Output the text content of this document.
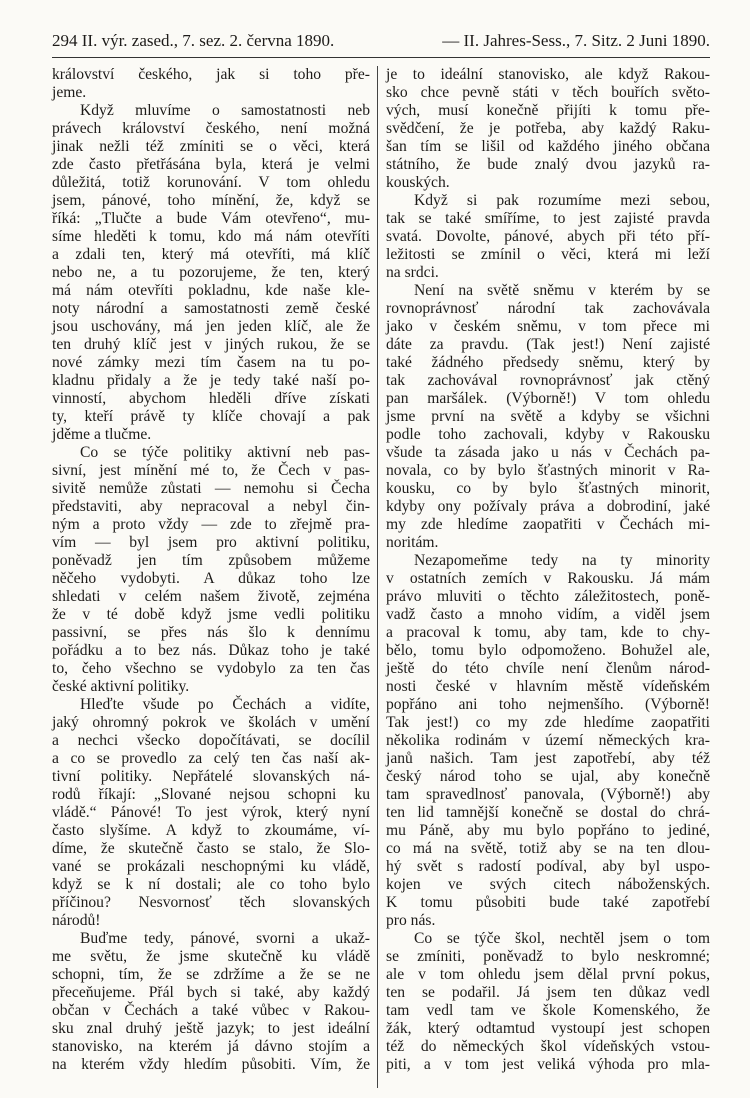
294 II. výr. zased., 7. sez. 2. června 1890.	— II. Jahres-Sess., 7. Sitz. 2 Juni 1890.
království českého, jak si toho pře-
jeme.
Když mluvíme o samostatnosti neb
právech království českého, není možná
jinak nežli též zmíniti se o věci, která
zde často přetřásána byla, která je velmi
důležitá, totiž korunování. V tom ohledu
jsem, pánové, toho mínění, že, když se
říká: „Tlučte a bude Vám otevřeno“, mu-
síme hleděti k tomu, kdo má nám otevříti
a zdali ten, který má otevříti, má klíč
nebo ne, a tu pozorujeme, že ten, který
má nám otevříti pokladnu, kde naše kle-
noty národní a samostatnosti země české
jsou uschovány, má jen jeden klíč, ale že
ten druhý klíč jest v jiných rukou, že se
nové zámky mezi tím časem na tu po-
kladnu přidaly a že je tedy také naší po-
vinností, abychom hleděli dříve získati
ty, kteří právě ty klíče chovají a pak
jděme a tlučme.
Co se týče politiky aktivní neb pas-
sivní, jest mínění mé to, že Čech v pas-
sivitě nemůže zůstati — nemohu si Čecha
představiti, aby nepracoval a nebyl čin-
ným a proto vždy — zde to zřejmě pra-
vím — byl jsem pro aktivní politiku,
poněvadž jen tím způsobem můžeme
něčeho vydobyti. A důkaz toho lze
shledati v celém našem životě, zejména
že v té době když jsme vedli politiku
passivní, se přes nás šlo k dennímu
pořádku a to bez nás. Důkaz toho je také
to, čeho všechno se vydobylo za ten čas
české aktivní politiky.
Hleďte všude po Čechách a vidíte,
jaký ohromný pokrok ve školách v umění
a nechci všecko dopočítávati, se docílil
a co se provedlo za celý ten čas naší ak-
tivní politiky. Nepřátelé slovanských ná-
rodů říkají: „Slované nejsou schopni ku
vládě.“ Pánové! To jest výrok, který nyní
často slyšíme. A když to zkoumáme, ví-
díme, že skutečně často se stalo, že Slo-
vané se prokázali neschopnými ku vládě,
když se k ní dostali; ale co toho bylo
příčinou? Nesvornosť těch slovanských
národů!
Buďme tedy, pánové, svorni a ukaž-
me světu, že jsme skutečně ku vládě
schopni, tím, že se zdržíme a že se ne
přeceňujeme. Přál bych si také, aby každý
občan v Čechách a také vůbec v Rakou-
sku znal druhý ještě jazyk; to jest ideální
stanovisko, na kterém já dávno stojím a
na kterém vždy hledím působiti. Vím, že
je to ideální stanovisko, ale když Rakou-
sko chce pevně státi v těch bouřích světo-
vých, musí konečně přijíti k tomu pře-
svědčení, že je potřeba, aby každý Raku-
šan tím se lišil od každého jiného občana
státního, že bude znalý dvou jazyků ra-
kouských.
Když si pak rozumíme mezi sebou,
tak se také smíříme, to jest zajisté pravda
svatá. Dovolte, pánové, abych při této pří-
ležitosti se zmínil o věci, která mi leží
na srdci.
Není na světě sněmu v kterém by se
rovnoprávnosť národní tak zachovávala
jako v českém sněmu, v tom přece mi
dáte za pravdu. (Tak jest!) Není zajisté
také žádného předsedy sněmu, který by
tak zachovával rovnoprávnosť jak ctěný
pan maršálek. (Výborně!) V tom ohledu
jsme první na světě a kdyby se všichni
podle toho zachovali, kdyby v Rakousku
všude ta zásada jako u nás v Čechách pa-
novala, co by bylo šťastných minorit v Ra-
kousku, co by bylo šťastných minorit,
kdyby ony požívaly práva a dobrodiní, jaké
my zde hledíme zaopatřiti v Čechách mi-
noritám.
Nezapomeňme tedy na ty minority
v ostatních zemích v Rakousku. Já mám
právo mluviti o těchto záležitostech, poně-
vadž často a mnoho vidím, a viděl jsem
a pracoval k tomu, aby tam, kde to chy-
bělo, tomu bylo odpomoženo. Bohužel ale,
ještě do této chvíle není členům národ-
nosti české v hlavním městě vídeňském
popřáno ani toho nejmenšího. (Výborně!
Tak jest!) co my zde hledíme zaopatřiti
několika rodinám v území německých kra-
janů našich. Tam jest zapotřebí, aby též
český národ toho se ujal, aby konečně
tam spravedlnosť panovala, (Výborně!) aby
ten lid tamnější konečně se dostal do chrá-
mu Páně, aby mu bylo popřáno to jediné,
co má na světě, totiž aby se na ten dlou-
hý svět s radostí podíval, aby byl uspo-
kojen ve svých citech náboženských.
K tomu působiti bude také zapotřebí
pro nás.
Co se týče škol, nechtěl jsem o tom
se zmíniti, poněvadž to bylo neskromné;
ale v tom ohledu jsem dělal první pokus,
ten se podařil. Já jsem ten důkaz vedl
tam vedl tam ve škole Komenského, že
žák, který odtamtud vystoupí jest schopen
též do německých škol vídeňských vstou-
piti, a v tom jest veliká výhoda pro mla-
